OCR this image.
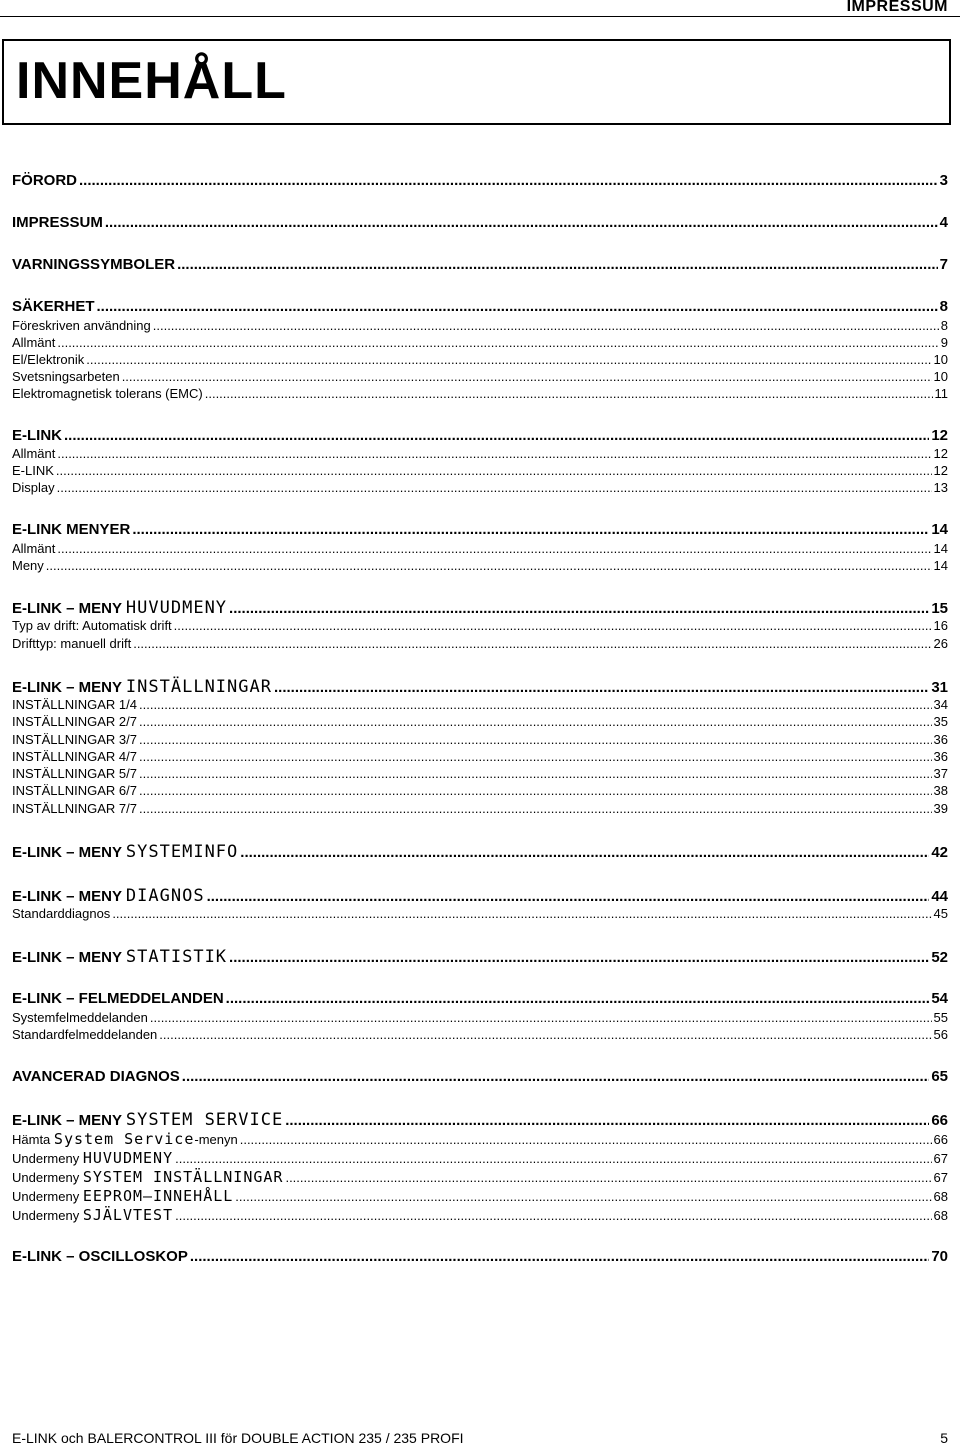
IMPRESSUM
INNEHÅLL
FÖRORD .....	3
IMPRESSUM .....	4
VARNINGSSYMBOLER .....	7
SÄKERHET .....	8
Föreskriven användning .....	8
Allmänt .....	9
El/Elektronik .....	10
Svetsningsarbeten .....	10
Elektromagnetisk tolerans (EMC) .....	11
E-LINK .....	12
Allmänt .....	12
E-LINK .....	12
Display .....	13
E-LINK MENYER .....	14
Allmänt .....	14
Meny .....	14
E-LINK – MENY HUVUDMENY .....	15
Typ av drift: Automatisk drift .....	16
Drifttyp: manuell drift .....	26
E-LINK – MENY INSTÄLLNINGAR .....	31
INSTÄLLNINGAR 1/4 .....	34
INSTÄLLNINGAR 2/7 .....	35
INSTÄLLNINGAR 3/7 .....	36
INSTÄLLNINGAR 4/7 .....	36
INSTÄLLNINGAR 5/7 .....	37
INSTÄLLNINGAR 6/7 .....	38
INSTÄLLNINGAR 7/7 .....	39
E-LINK – MENY SYSTEMINFO .....	42
E-LINK – MENY DIAGNOS .....	44
Standarddiagnos .....	45
E-LINK – MENY STATISTIK .....	52
E-LINK – FELMEDDELANDEN .....	54
Systemfelmeddelanden .....	55
Standardfelmeddelanden .....	56
AVANCERAD DIAGNOS .....	65
E-LINK – MENY SYSTEM SERVICE .....	66
Hämta System Service-menyn .....	66
Undermeny HUVUDMENY .....	67
Undermeny SYSTEM INSTÄLLNINGAR .....	67
Undermeny EEPROM–INNEHÅLL .....	68
Undermeny SJÄLVTEST .....	68
E-LINK – OSCILLOSKOP .....	70
E-LINK och BALERCONTROL III för DOUBLE ACTION 235 / 235 PROFI	5
